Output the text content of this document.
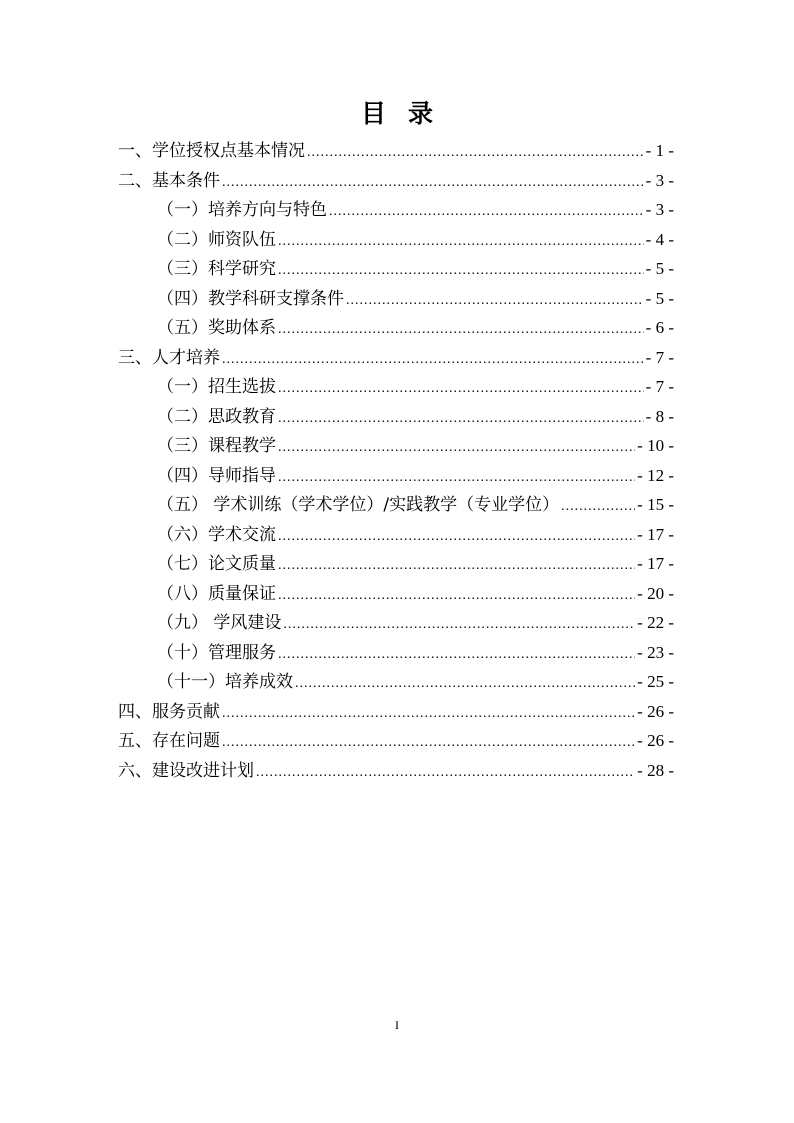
目录
一、学位授权点基本情况 .....	- 1 -
二、基本条件 .....	- 3 -
（一）培养方向与特色 .....	- 3 -
（二）师资队伍 .....	- 4 -
（三）科学研究 .....	- 5 -
（四）教学科研支撑条件 .....	- 5 -
（五）奖助体系 .....	- 6 -
三、人才培养 .....	- 7 -
（一）招生选拔 .....	- 7 -
（二）思政教育 .....	- 8 -
（三）课程教学 .....	- 10 -
（四）导师指导 .....	- 12 -
（五） 学术训练（学术学位）/实践教学（专业学位） .....	- 15 -
（六）学术交流 .....	- 17 -
（七）论文质量 .....	- 17 -
（八）质量保证 .....	- 20 -
（九） 学风建设 .....	- 22 -
（十）管理服务 .....	- 23 -
（十一）培养成效 .....	- 25 -
四、服务贡献 .....	- 26 -
五、存在问题 .....	- 26 -
六、建设改进计划 .....	- 28 -
I
